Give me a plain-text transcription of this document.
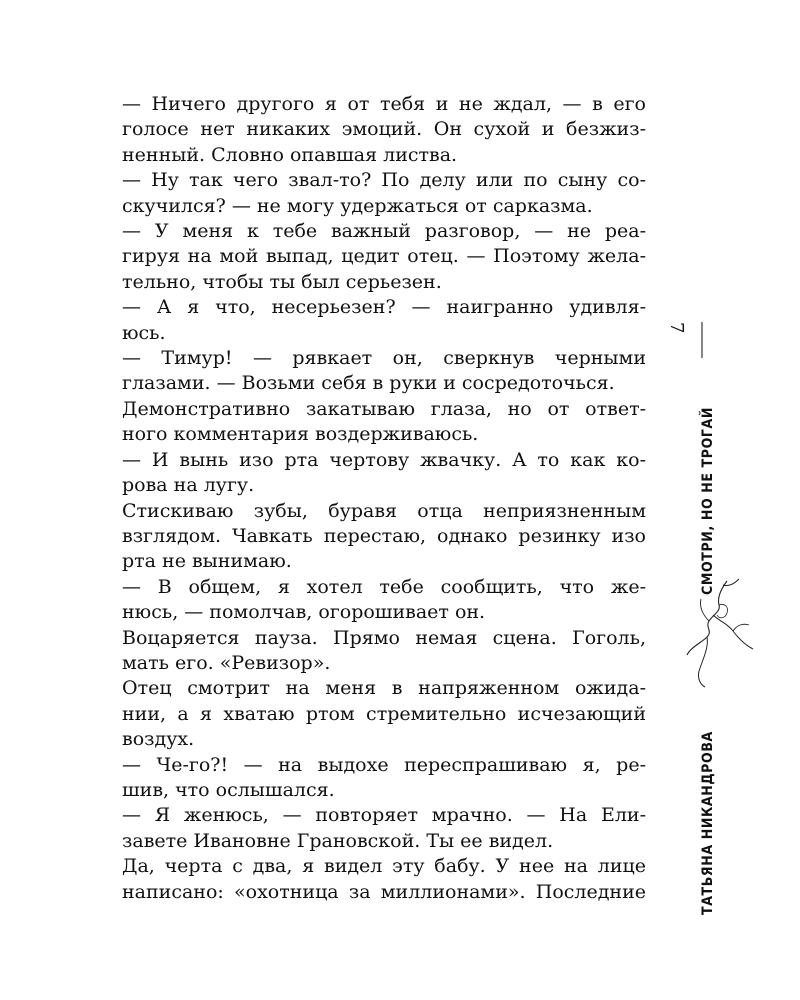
— Ничего другого я от тебя и не ждал, — в его
голосе нет никаких эмоций. Он сухой и безжиз-
ненный. Словно опавшая листва.
— Ну так чего звал-то? По делу или по сыну со-
скучился? — не могу удержаться от сарказма.
— У меня к тебе важный разговор, — не реа-
гируя на мой выпад, цедит отец. — Поэтому жела-
тельно, чтобы ты был серьезен.
— А я что, несерьезен? — наигранно удивля-
юсь.
— Тимур! — рявкает он, сверкнув черными
глазами. — Возьми себя в руки и сосредоточься.
Демонстративно закатываю глаза, но от ответ-
ного комментария воздерживаюсь.
— И вынь изо рта чертову жвачку. А то как ко-
рова на лугу.
Стискиваю зубы, буравя отца неприязненным
взглядом. Чавкать перестаю, однако резинку изо
рта не вынимаю.
— В общем, я хотел тебе сообщить, что же-
нюсь, — помолчав, огорошивает он.
Воцаряется пауза. Прямо немая сцена. Гоголь,
мать его. «Ревизор».
Отец смотрит на меня в напряженном ожида-
нии, а я хватаю ртом стремительно исчезающий
воздух.
— Че-го?! — на выдохе переспрашиваю я, ре-
шив, что ослышался.
— Я женюсь, — повторяет мрачно. — На Ели-
завете Ивановне Грановской. Ты ее видел.
Да, черта с два, я видел эту бабу. У нее на лице
написано: «охотница за миллионами». Последние
7
СМОТРИ, НО НЕ ТРОГАЙ
ТАТЬЯНА НИКАНДРОВА
